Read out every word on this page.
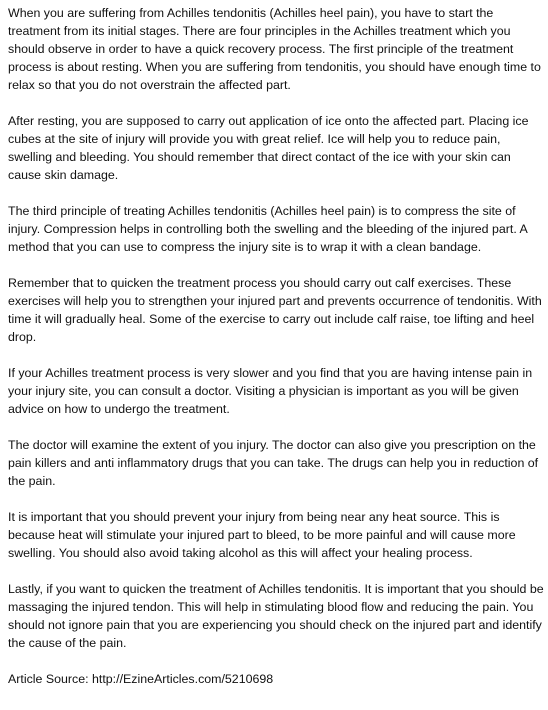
When you are suffering from Achilles tendonitis (Achilles heel pain), you have to start the treatment from its initial stages. There are four principles in the Achilles treatment which you should observe in order to have a quick recovery process. The first principle of the treatment process is about resting. When you are suffering from tendonitis, you should have enough time to relax so that you do not overstrain the affected part.

After resting, you are supposed to carry out application of ice onto the affected part. Placing ice cubes at the site of injury will provide you with great relief. Ice will help you to reduce pain, swelling and bleeding. You should remember that direct contact of the ice with your skin can cause skin damage.

The third principle of treating Achilles tendonitis (Achilles heel pain) is to compress the site of injury. Compression helps in controlling both the swelling and the bleeding of the injured part. A method that you can use to compress the injury site is to wrap it with a clean bandage.

Remember that to quicken the treatment process you should carry out calf exercises. These exercises will help you to strengthen your injured part and prevents occurrence of tendonitis. With time it will gradually heal. Some of the exercise to carry out include calf raise, toe lifting and heel drop.

If your Achilles treatment process is very slower and you find that you are having intense pain in your injury site, you can consult a doctor. Visiting a physician is important as you will be given advice on how to undergo the treatment.

The doctor will examine the extent of you injury. The doctor can also give you prescription on the pain killers and anti inflammatory drugs that you can take. The drugs can help you in reduction of the pain.

It is important that you should prevent your injury from being near any heat source. This is because heat will stimulate your injured part to bleed, to be more painful and will cause more swelling. You should also avoid taking alcohol as this will affect your healing process.

Lastly, if you want to quicken the treatment of Achilles tendonitis. It is important that you should be massaging the injured tendon. This will help in stimulating blood flow and reducing the pain. You should not ignore pain that you are experiencing you should check on the injured part and identify the cause of the pain.

Article Source: http://EzineArticles.com/5210698
